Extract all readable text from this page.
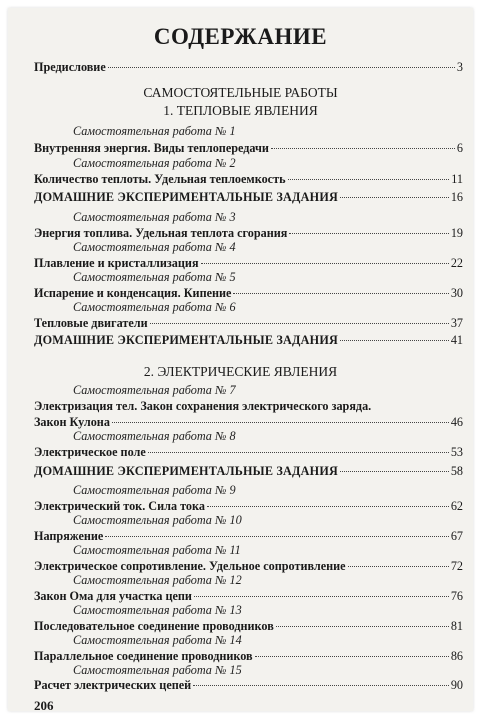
СОДЕРЖАНИЕ
Предисловие	3
САМОСТОЯТЕЛЬНЫЕ РАБОТЫ
1. ТЕПЛОВЫЕ ЯВЛЕНИЯ
Самостоятельная работа № 1
Внутренняя энергия. Виды теплопередачи	6
Самостоятельная работа № 2
Количество теплоты. Удельная теплоемкость	11
ДОМАШНИЕ ЭКСПЕРИМЕНТАЛЬНЫЕ ЗАДАНИЯ	16
Самостоятельная работа № 3
Энергия топлива. Удельная теплота сгорания	19
Самостоятельная работа № 4
Плавление и кристаллизация	22
Самостоятельная работа № 5
Испарение и конденсация. Кипение	30
Самостоятельная работа № 6
Тепловые двигатели	37
ДОМАШНИЕ ЭКСПЕРИМЕНТАЛЬНЫЕ ЗАДАНИЯ	41
2. ЭЛЕКТРИЧЕСКИЕ ЯВЛЕНИЯ
Самостоятельная работа № 7
Электризация тел. Закон сохранения электрического заряда.
Закон Кулона	46
Самостоятельная работа № 8
Электрическое поле	53
ДОМАШНИЕ ЭКСПЕРИМЕНТАЛЬНЫЕ ЗАДАНИЯ	58
Самостоятельная работа № 9
Электрический ток. Сила тока	62
Самостоятельная работа № 10
Напряжение	67
Самостоятельная работа № 11
Электрическое сопротивление. Удельное сопротивление	72
Самостоятельная работа № 12
Закон Ома для участка цепи	76
Самостоятельная работа № 13
Последовательное соединение проводников	81
Самостоятельная работа № 14
Параллельное соединение проводников	86
Самостоятельная работа № 15
Расчет электрических цепей	90
206
